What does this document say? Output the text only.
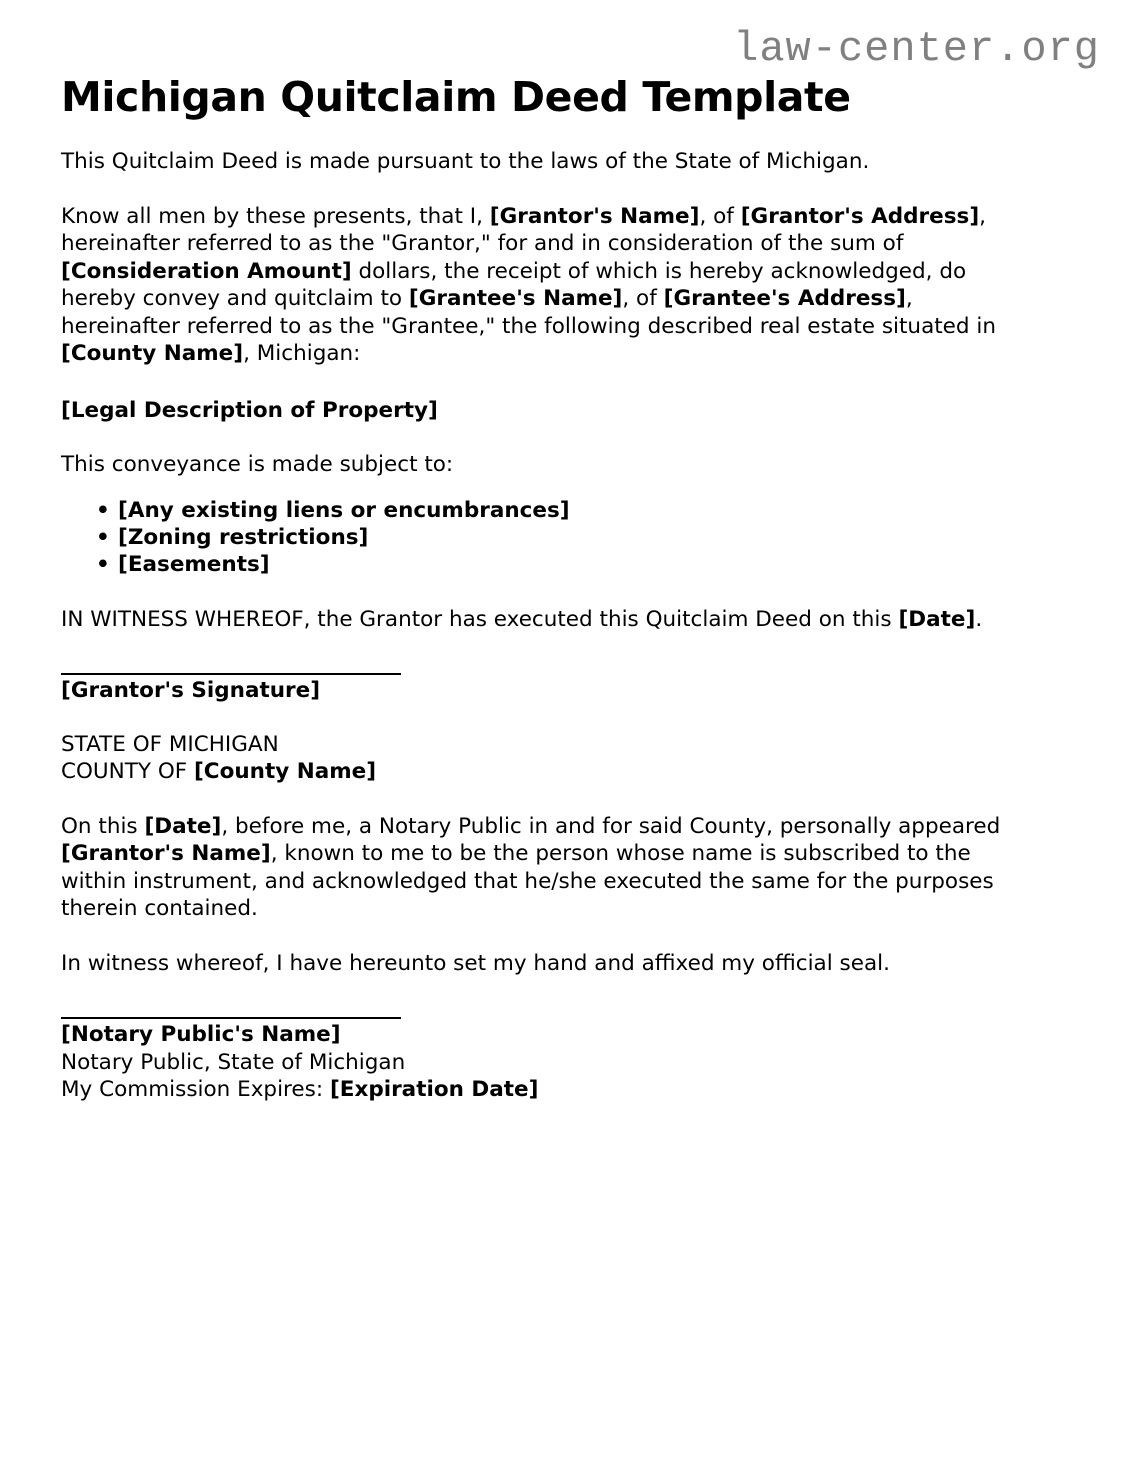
law-center.org
Michigan Quitclaim Deed Template

This Quitclaim Deed is made pursuant to the laws of the State of Michigan.

Know all men by these presents, that I, [Grantor's Name], of [Grantor's Address], hereinafter referred to as the "Grantor," for and in consideration of the sum of [Consideration Amount] dollars, the receipt of which is hereby acknowledged, do hereby convey and quitclaim to [Grantee's Name], of [Grantee's Address], hereinafter referred to as the "Grantee," the following described real estate situated in [County Name], Michigan:

[Legal Description of Property]

This conveyance is made subject to:

• [Any existing liens or encumbrances]
• [Zoning restrictions]
• [Easements]

IN WITNESS WHEREOF, the Grantor has executed this Quitclaim Deed on this [Date].

[Grantor's Signature]

STATE OF MICHIGAN
COUNTY OF [County Name]

On this [Date], before me, a Notary Public in and for said County, personally appeared [Grantor's Name], known to me to be the person whose name is subscribed to the within instrument, and acknowledged that he/she executed the same for the purposes therein contained.

In witness whereof, I have hereunto set my hand and affixed my official seal.

[Notary Public's Name]
Notary Public, State of Michigan
My Commission Expires: [Expiration Date]
